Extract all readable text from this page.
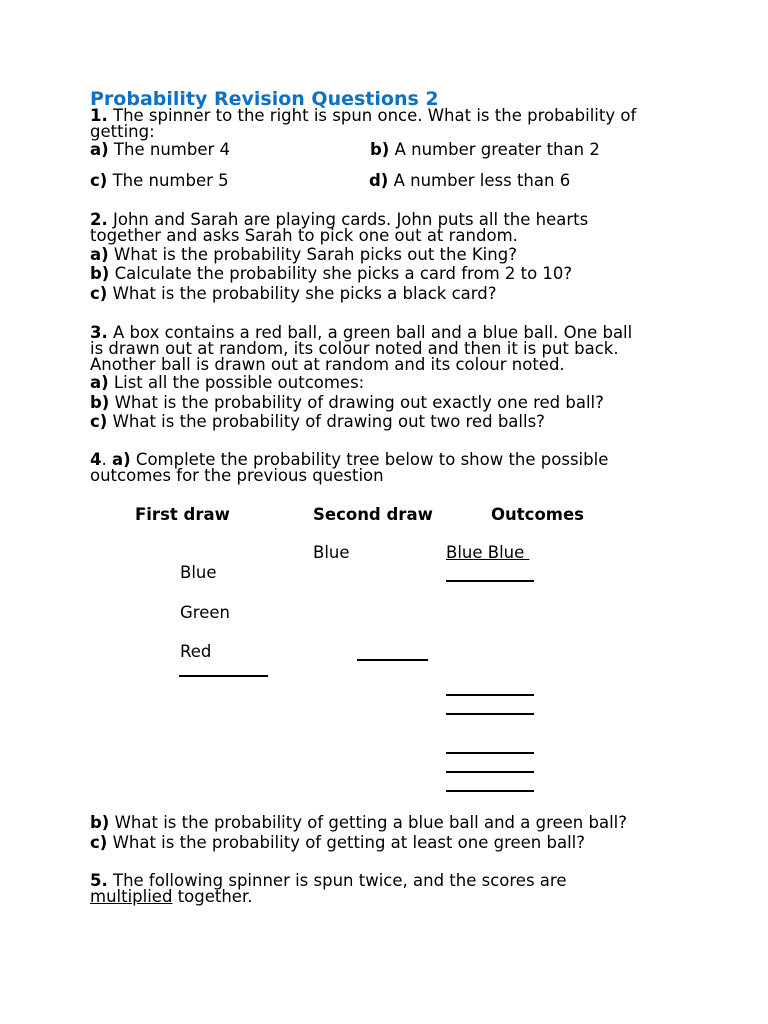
Probability Revision Questions 2
1. The spinner to the right is spun once. What is the probability of
getting:
a) The number 4	b) A number greater than 2
c) The number 5	d) A number less than 6
2. John and Sarah are playing cards. John puts all the hearts
together and asks Sarah to pick one out at random.
a) What is the probability Sarah picks out the King?
b) Calculate the probability she picks a card from 2 to 10?
c) What is the probability she picks a black card?
3. A box contains a red ball, a green ball and a blue ball. One ball
is drawn out at random, its colour noted and then it is put back.
Another ball is drawn out at random and its colour noted.
a) List all the possible outcomes:
b) What is the probability of drawing out exactly one red ball?
c) What is the probability of drawing out two red balls?
4. a) Complete the probability tree below to show the possible
outcomes for the previous question
First draw	Second draw	Outcomes
Blue	Blue Blue
Blue
Green
Red
b) What is the probability of getting a blue ball and a green ball?
c) What is the probability of getting at least one green ball?
5. The following spinner is spun twice, and the scores are
multiplied together.
